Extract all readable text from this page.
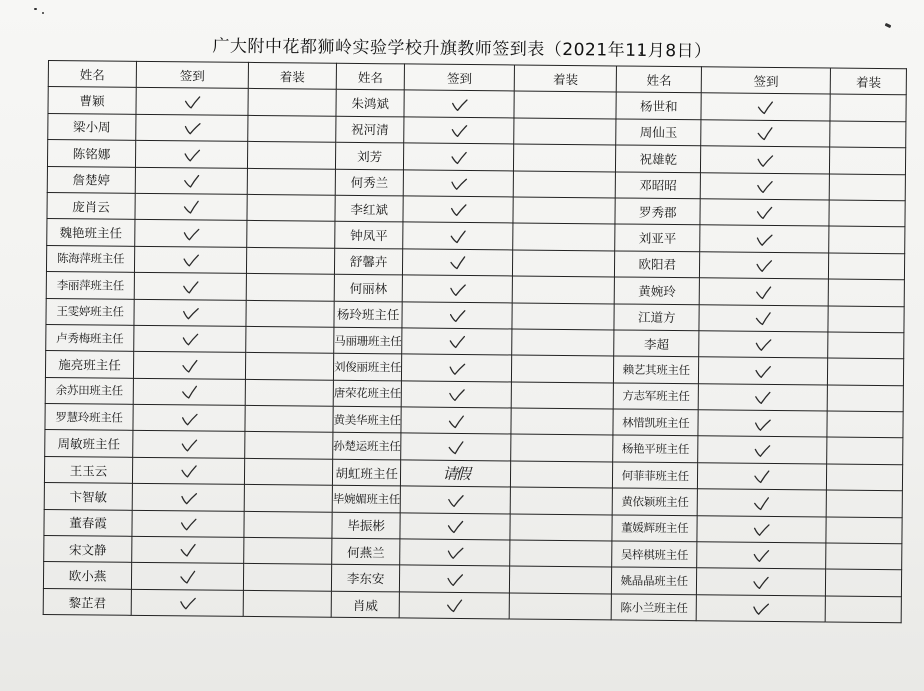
广大附中花都狮岭实验学校升旗教师签到表（2021年11月8日）
姓名	签到	着装	姓名	签到	着装	姓名	签到	着装
曹颖			朱鸿斌			杨世和	

梁小周			祝河清			周仙玉	

陈铭娜			刘芳			祝雄乾	

詹楚婷			何秀兰			邓昭昭	

庞肖云			李红斌			罗秀郡	

魏艳班主任			钟凤平			刘亚平	

陈海萍班主任			舒馨卉			欧阳君	

李丽萍班主任			何丽林			黄婉玲	

王雯婷班主任			杨玲班主任			江道方	

卢秀梅班主任			马丽珊班主任			李超	

施亮班主任			刘俊丽班主任			赖艺其班主任	

余苏田班主任			唐荣花班主任			方志军班主任	

罗慧玲班主任			黄美华班主任			林惜凯班主任	

周敏班主任			孙楚运班主任			杨艳平班主任	

王玉云			胡虹班主任	请假		何菲菲班主任	

卞智敏			毕婉媚班主任			黄依颖班主任	

董春霞			毕振彬			董媛辉班主任	

宋文静			何燕兰			吴梓棋班主任	

欧小燕			李东安			姚晶晶班主任	

黎芷君			肖威			陈小兰班主任	
